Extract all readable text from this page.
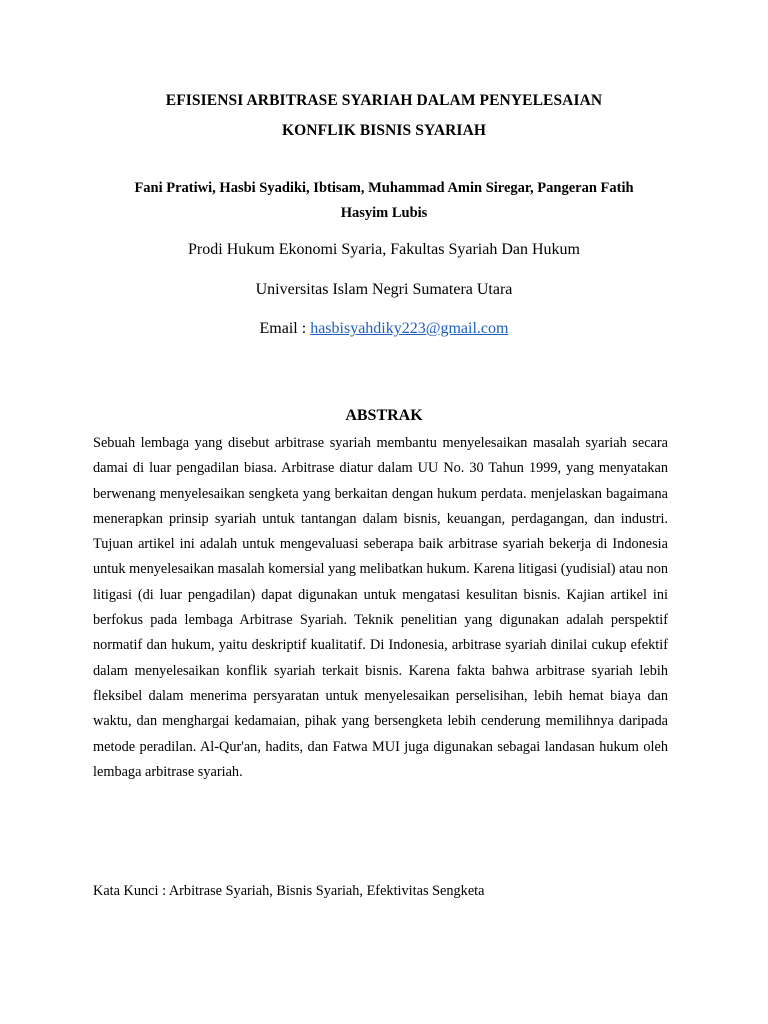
EFISIENSI ARBITRASE SYARIAH DALAM PENYELESAIAN

KONFLIK BISNIS SYARIAH

Fani Pratiwi, Hasbi Syadiki, Ibtisam, Muhammad Amin Siregar, Pangeran Fatih

Hasyim Lubis

Prodi Hukum Ekonomi Syaria, Fakultas Syariah Dan Hukum

Universitas Islam Negri Sumatera Utara

Email : hasbisyahdiky223@gmail.com

ABSTRAK

Sebuah lembaga yang disebut arbitrase syariah membantu menyelesaikan masalah syariah secara damai di luar pengadilan biasa. Arbitrase diatur dalam UU No. 30 Tahun 1999, yang menyatakan berwenang menyelesaikan sengketa yang berkaitan dengan hukum perdata. menjelaskan bagaimana menerapkan prinsip syariah untuk tantangan dalam bisnis, keuangan, perdagangan, dan industri. Tujuan artikel ini adalah untuk mengevaluasi seberapa baik arbitrase syariah bekerja di Indonesia untuk menyelesaikan masalah komersial yang melibatkan hukum. Karena litigasi (yudisial) atau non litigasi (di luar pengadilan) dapat digunakan untuk mengatasi kesulitan bisnis. Kajian artikel ini berfokus pada lembaga Arbitrase Syariah. Teknik penelitian yang digunakan adalah perspektif normatif dan hukum, yaitu deskriptif kualitatif. Di Indonesia, arbitrase syariah dinilai cukup efektif dalam menyelesaikan konflik syariah terkait bisnis. Karena fakta bahwa arbitrase syariah lebih fleksibel dalam menerima persyaratan untuk menyelesaikan perselisihan, lebih hemat biaya dan waktu, dan menghargai kedamaian, pihak yang bersengketa lebih cenderung memilihnya daripada metode peradilan. Al-Qur'an, hadits, dan Fatwa MUI juga digunakan sebagai landasan hukum oleh lembaga arbitrase syariah.

Kata Kunci : Arbitrase Syariah, Bisnis Syariah, Efektivitas Sengketa
